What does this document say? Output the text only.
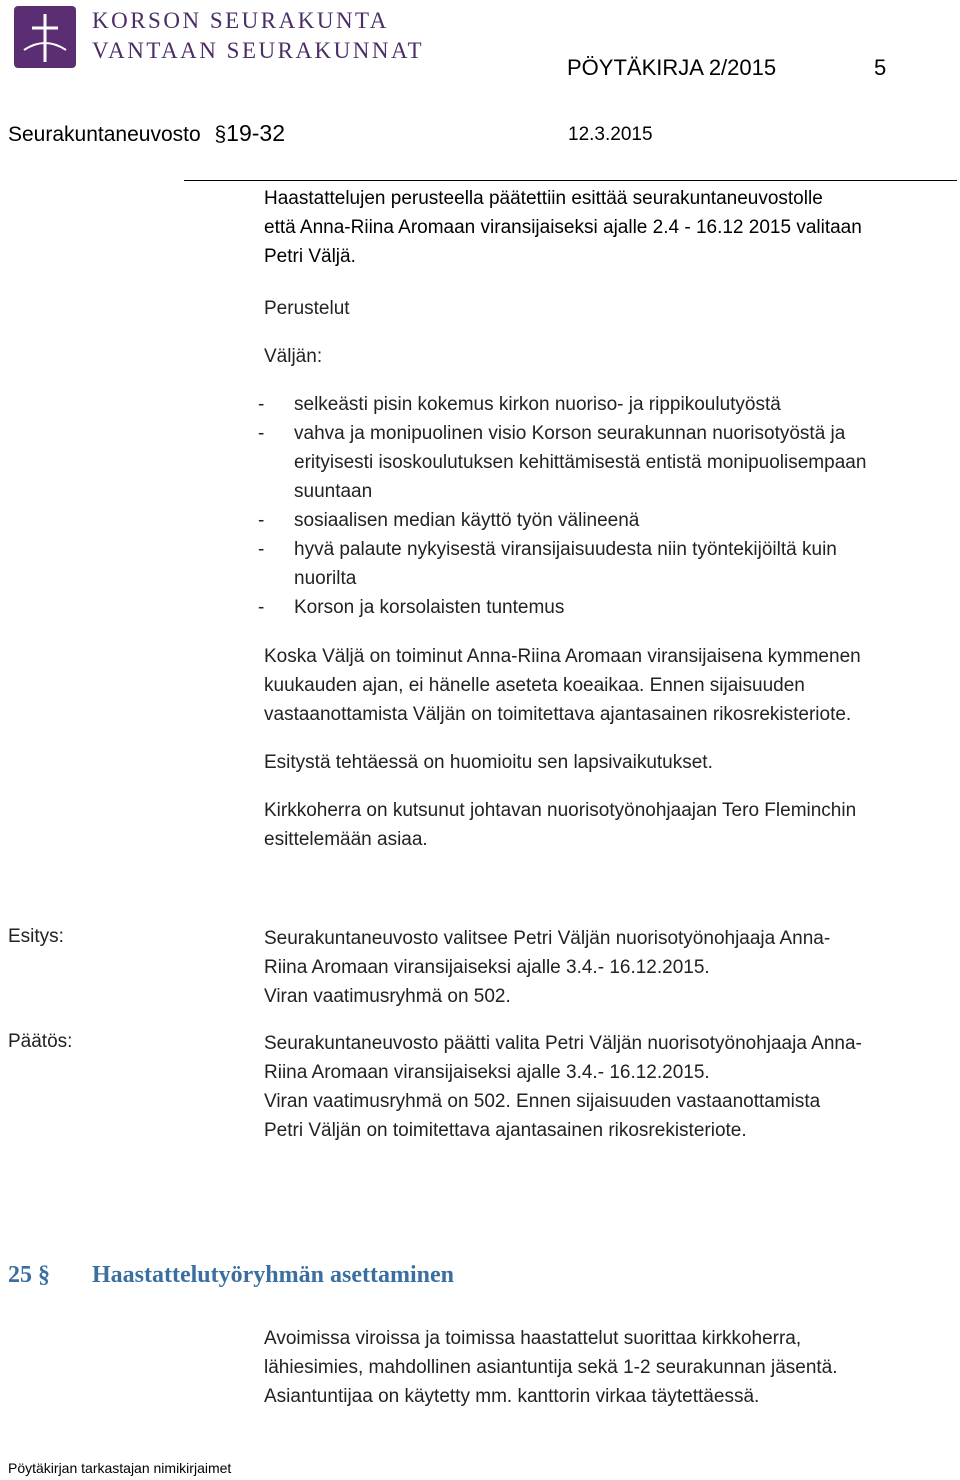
KORSON SEURAKUNTA
VANTAAN SEURAKUNNAT
PÖYTÄKIRJA 2/2015	5
Seurakuntaneuvosto §19-32	12.3.2015
Haastattelujen perusteella päätettiin esittää seurakuntaneuvostolle
että Anna-Riina Aromaan viransijaiseksi ajalle 2.4 - 16.12 2015 valitaan
Petri Väljä.
Perustelut
Väljän:
- selkeästi pisin kokemus kirkon nuoriso- ja rippikoulutyöstä
- vahva ja monipuolinen visio Korson seurakunnan nuorisotyöstä ja
erityisesti isoskoulutuksen kehittämisestä entistä monipuolisempaan
suuntaan
- sosiaalisen median käyttö työn välineenä
- hyvä palaute nykyisestä viransijaisuudesta niin työntekijöiltä kuin
nuorilta
- Korson ja korsolaisten tuntemus
Koska Väljä on toiminut Anna-Riina Aromaan viransijaisena kymmenen
kuukauden ajan, ei hänelle aseteta koeaikaa. Ennen sijaisuuden
vastaanottamista Väljän on toimitettava ajantasainen rikosrekisteriote.
Esitystä tehtäessä on huomioitu sen lapsivaikutukset.
Kirkkoherra on kutsunut johtavan nuorisotyönohjaajan Tero Fleminchin
esittelemään asiaa.
Esitys:	Seurakuntaneuvosto valitsee Petri Väljän nuorisotyönohjaaja Anna-
Riina Aromaan viransijaiseksi ajalle 3.4.- 16.12.2015.
Viran vaatimusryhmä on 502.
Päätös:	Seurakuntaneuvosto päätti valita Petri Väljän nuorisotyönohjaaja Anna-
Riina Aromaan viransijaiseksi ajalle 3.4.- 16.12.2015.
Viran vaatimusryhmä on 502. Ennen sijaisuuden vastaanottamista
Petri Väljän on toimitettava ajantasainen rikosrekisteriote.
25 § Haastattelutyöryhmän asettaminen
Avoimissa viroissa ja toimissa haastattelut suorittaa kirkkoherra,
lähiesimies, mahdollinen asiantuntija sekä 1-2 seurakunnan jäsentä.
Asiantuntijaa on käytetty mm. kanttorin virkaa täytettäessä.
Pöytäkirjan tarkastajan nimikirjaimet
